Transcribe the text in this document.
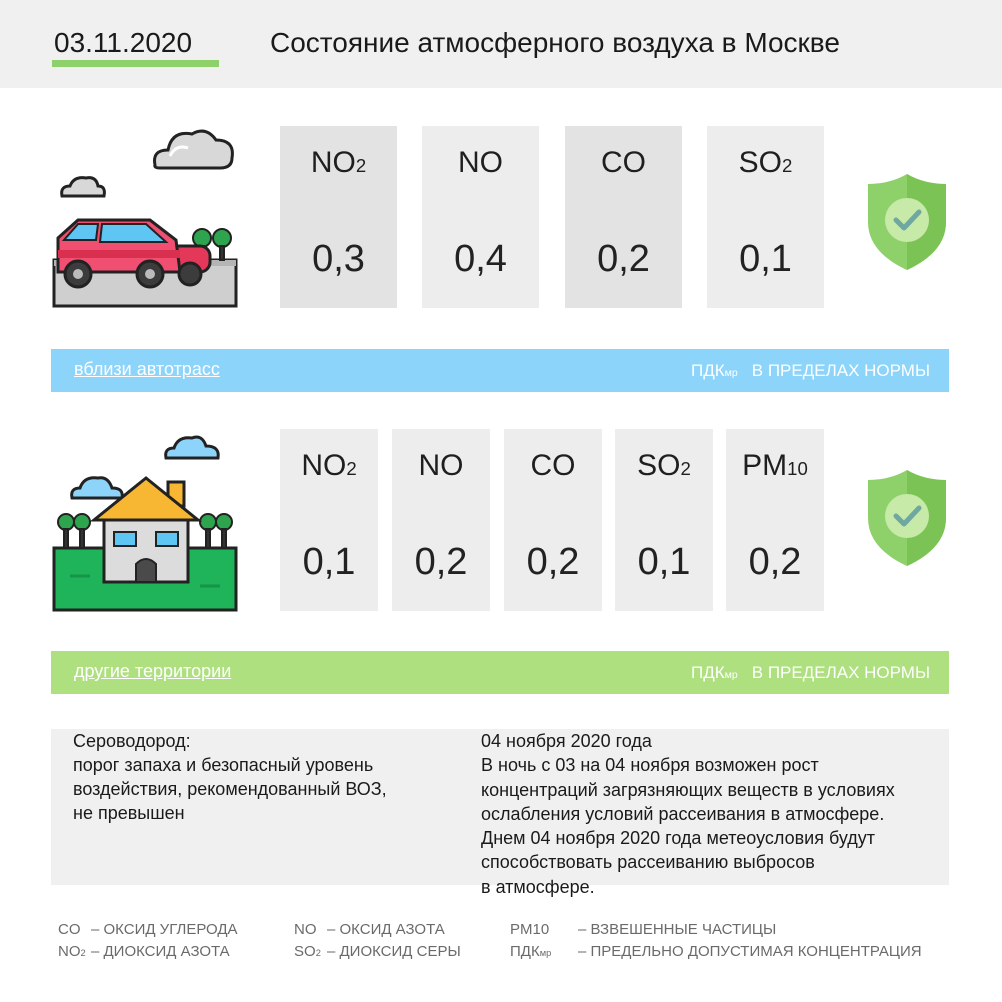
03.11.2020	Состояние атмосферного воздуха в Москве
$NO_2$
0,3
NO
0,4
CO
0,2
$SO_2$
0,1
вблизи автотрасс	$ПДК_{мр}$ В ПРЕДЕЛАХ НОРМЫ
$NO_2$
0,1
NO
0,2
CO
0,2
$SO_2$
0,1
$PM_{10}$
0,2
другие территории	$ПДК_{мр}$ В ПРЕДЕЛАХ НОРМЫ
Сероводород:
порог запаха и безопасный уровень
воздействия, рекомендованный ВОЗ,
не превышен
04 ноября 2020 года
В ночь с 03 на 04 ноября возможен рост
концентраций загрязняющих веществ в условиях
ослабления условий рассеивания в атмосфере.
Днем 04 ноября 2020 года метеоусловия будут
способствовать рассеиванию выбросов
в атмосфере.
CO – ОКСИД УГЛЕРОДА
$NO_2$ – ДИОКСИД АЗОТА
NO – ОКСИД АЗОТА
$SO_2$ – ДИОКСИД СЕРЫ
PM10 – ВЗВЕШЕННЫЕ ЧАСТИЦЫ
$ПДК_{мр}$ – ПРЕДЕЛЬНО ДОПУСТИМАЯ КОНЦЕНТРАЦИЯ
